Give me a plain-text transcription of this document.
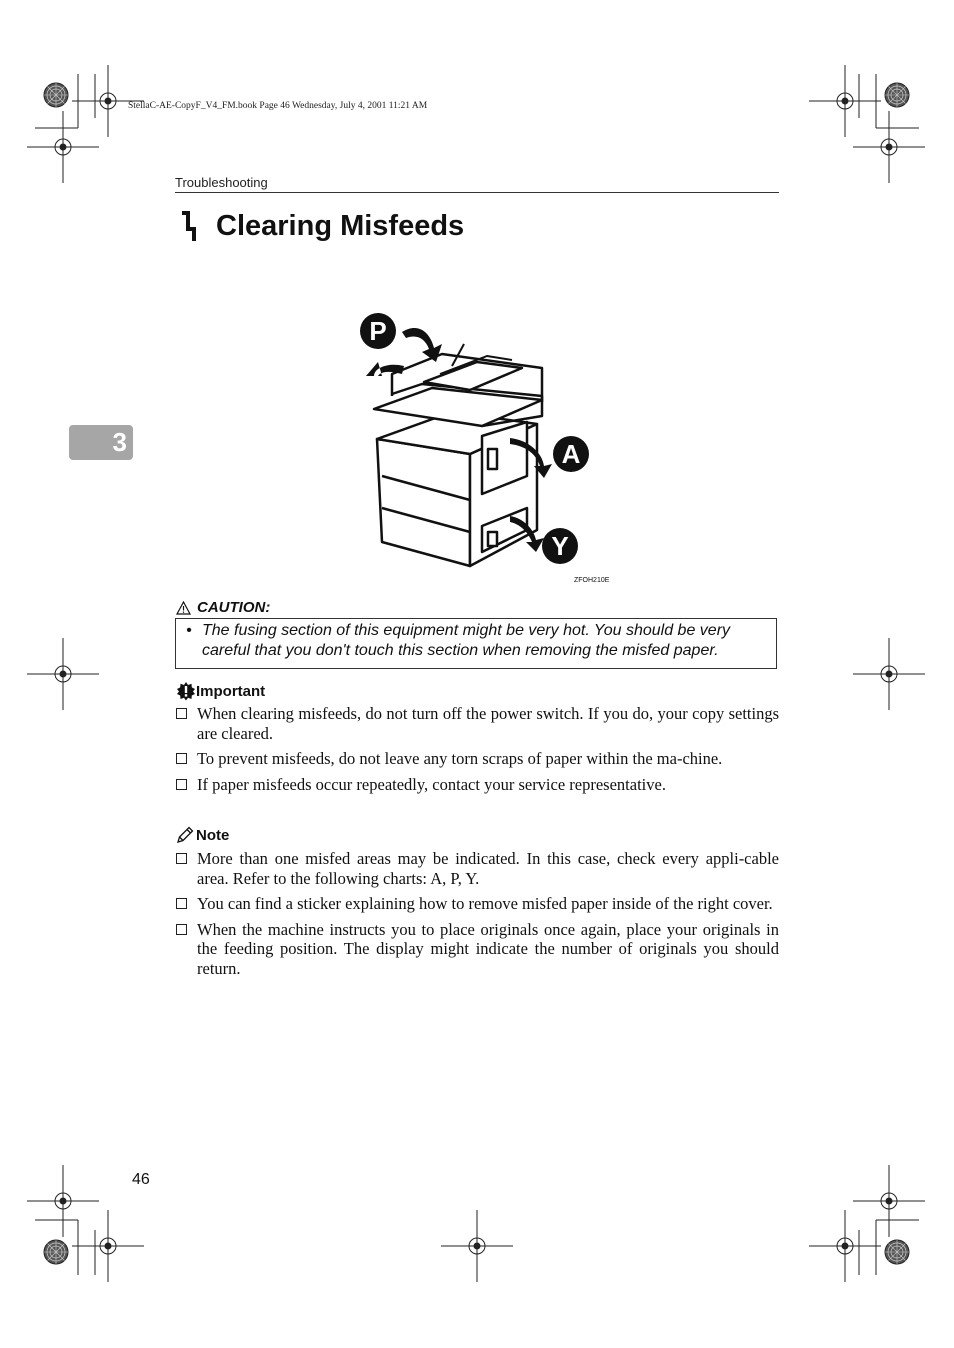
StellaC-AE-CopyF_V4_FM.book Page 46 Wednesday, July 4, 2001 11:21 AM
Troubleshooting
Clearing Misfeeds
3
P
A
Y
ZFOH210E
CAUTION:
• The fusing section of this equipment might be very hot. You should be very careful that you don't touch this section when removing the misfed paper.
Important
When clearing misfeeds, do not turn off the power switch. If you do, your copy settings are cleared.
To prevent misfeeds, do not leave any torn scraps of paper within the ma-chine.
If paper misfeeds occur repeatedly, contact your service representative.
Note
More than one misfed areas may be indicated. In this case, check every appli-cable area. Refer to the following charts: A, P, Y.
You can find a sticker explaining how to remove misfed paper inside of the right cover.
When the machine instructs you to place originals once again, place your originals in the feeding position. The display might indicate the number of originals you should return.
46
